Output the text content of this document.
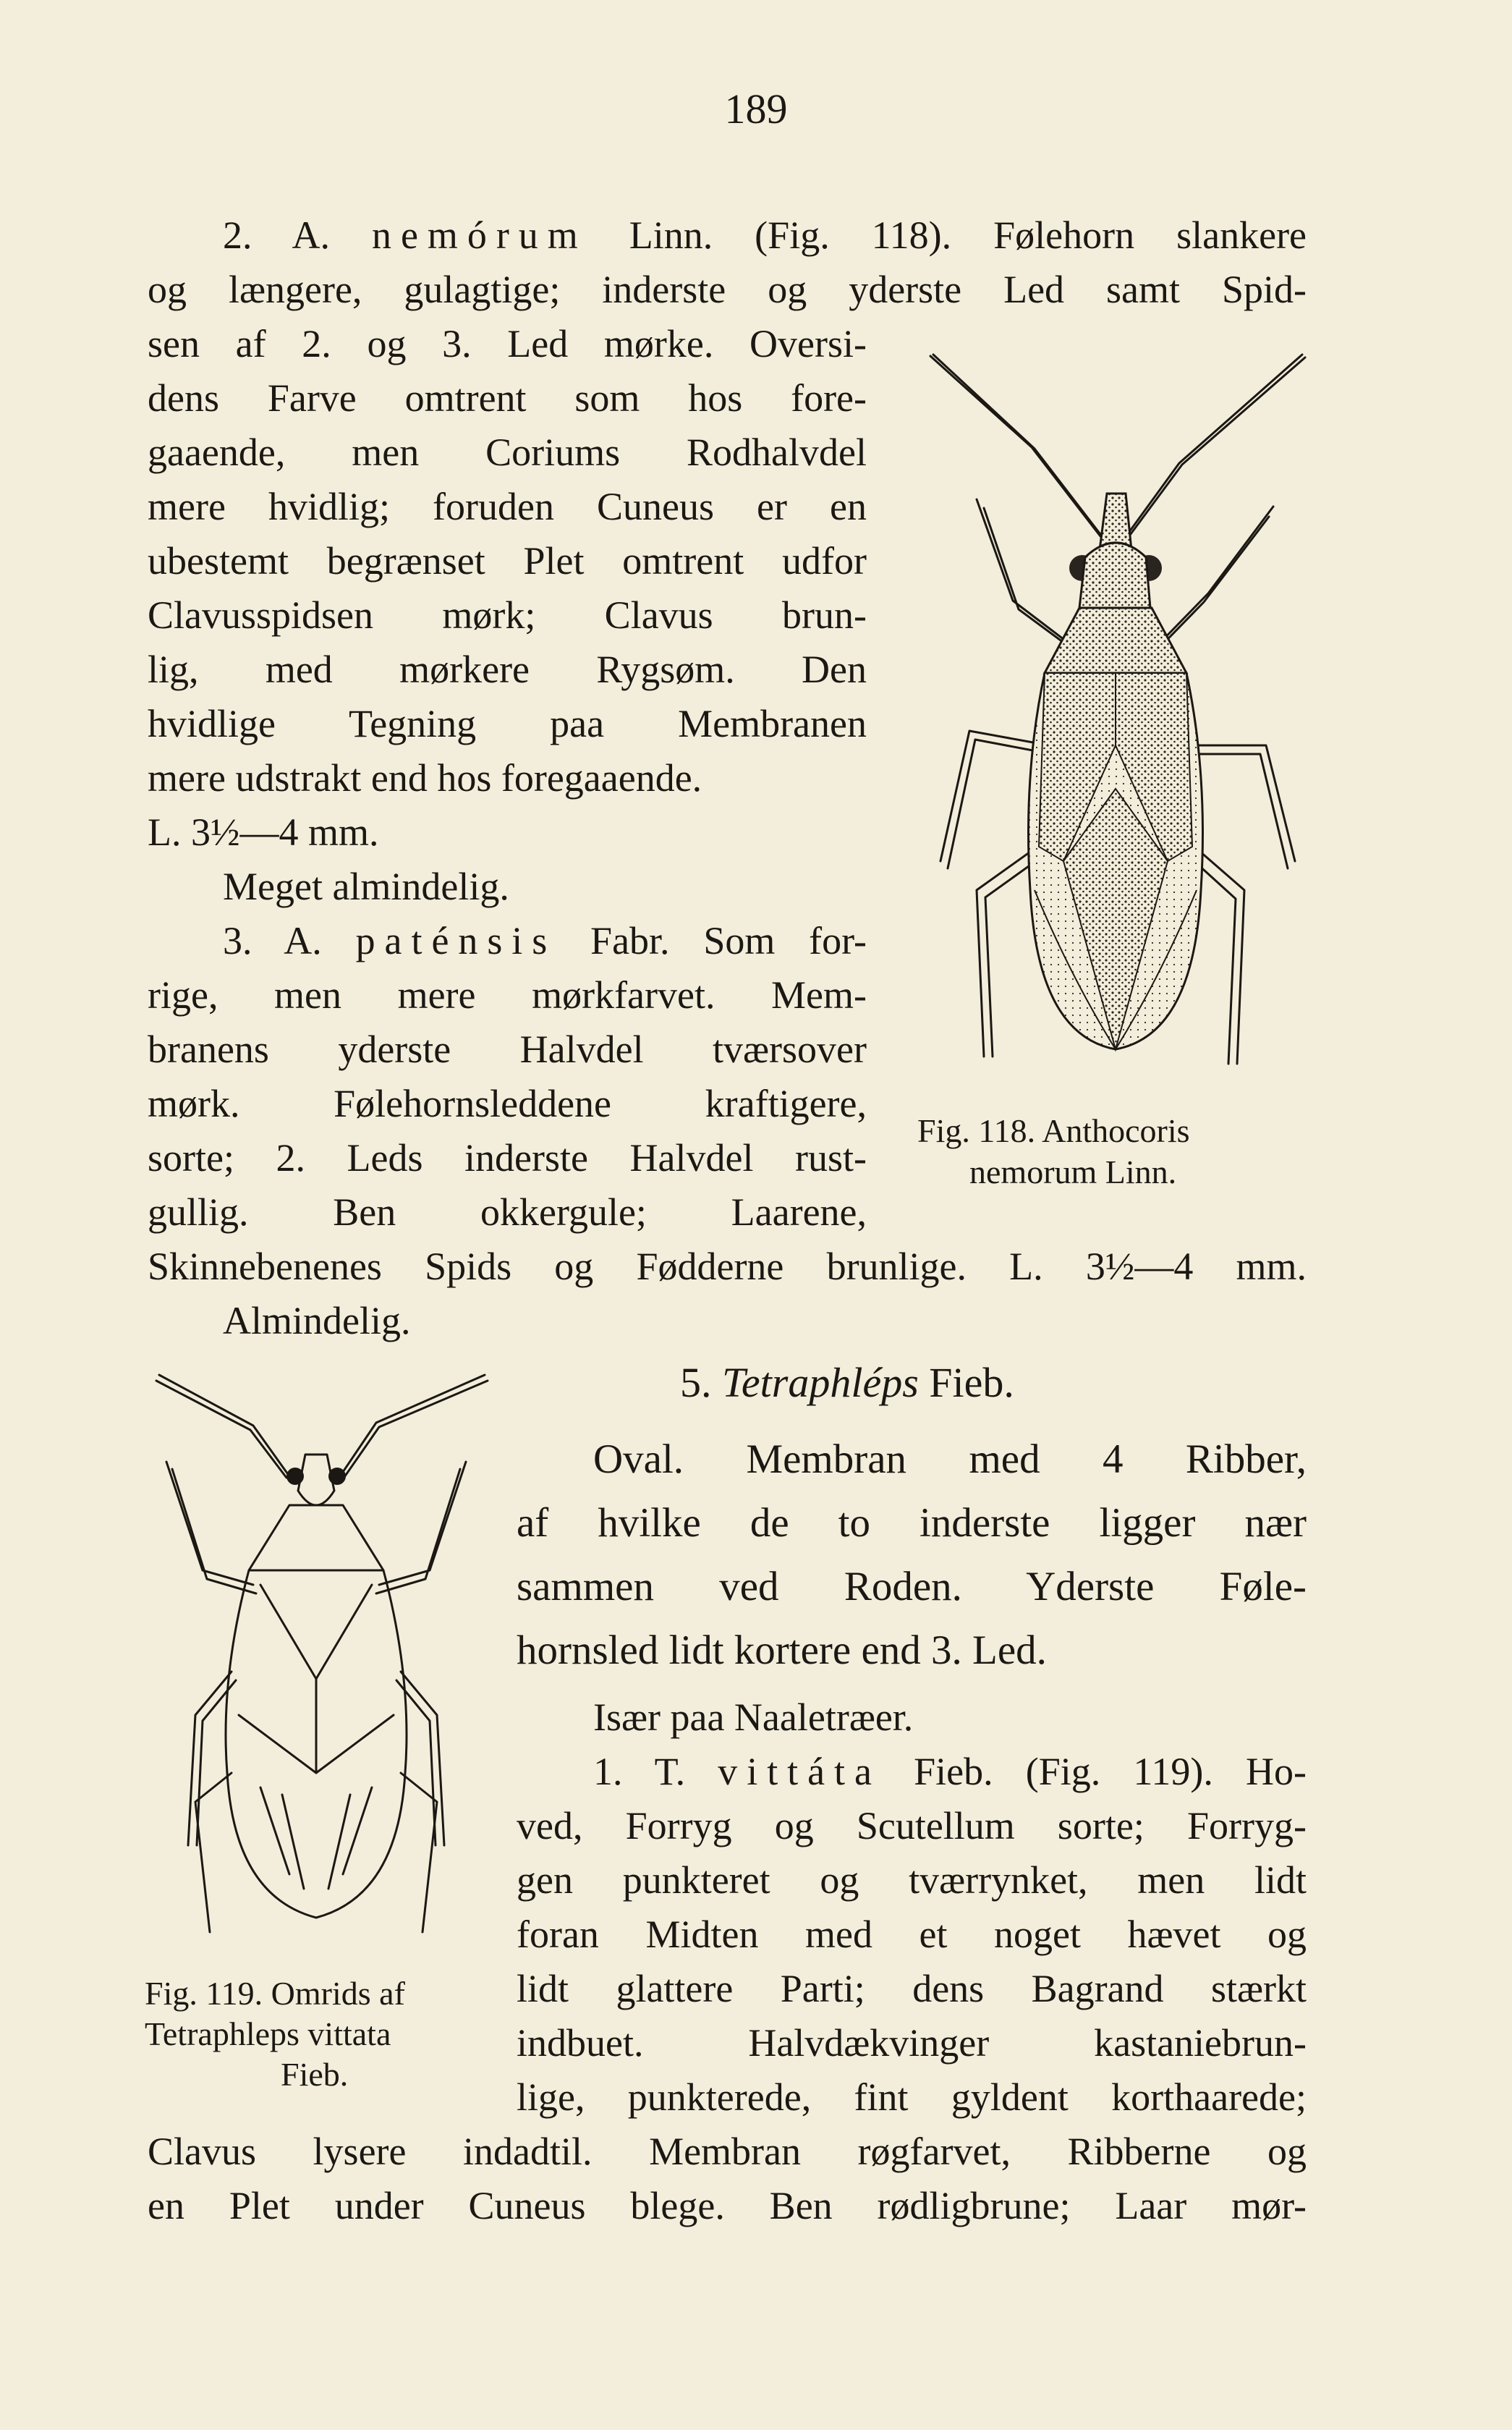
189
2. A. nemórum Linn. (Fig. 118). Følehorn slankere
og længere, gulagtige; inderste og yderste Led samt Spid-
sen af 2. og 3. Led mørke. Oversi-
dens Farve omtrent som hos fore-
gaaende, men Coriums Rodhalvdel
mere hvidlig; foruden Cuneus er en
ubestemt begrænset Plet omtrent udfor
Clavusspidsen mørk; Clavus brun-
lig, med mørkere Rygsøm. Den
hvidlige Tegning paa Membranen
mere udstrakt end hos foregaaende.
L. 3½—4 mm.
Meget almindelig.
3. A. paténsis Fabr. Som for-
rige, men mere mørkfarvet. Mem-
branens yderste Halvdel tværsover
mørk. Følehornsleddene kraftigere,
sorte; 2. Leds inderste Halvdel rust-
gullig. Ben okkergule; Laarene,
Skinnebenenes Spids og Fødderne brunlige. L. 3½—4 mm.
Almindelig.
Fig. 118. Anthocoris
nemorum Linn.
5. Tetraphléps Fieb.
Oval. Membran med 4 Ribber,
af hvilke de to inderste ligger nær
sammen ved Roden. Yderste Føle-
hornsled lidt kortere end 3. Led.
Især paa Naaletræer.
1. T. vittáta Fieb. (Fig. 119). Ho-
ved, Forryg og Scutellum sorte; Forryg-
gen punkteret og tværrynket, men lidt
foran Midten med et noget hævet og
lidt glattere Parti; dens Bagrand stærkt
indbuet. Halvdækvinger kastaniebrun-
lige, punkterede, fint gyldent korthaarede;
Clavus lysere indadtil. Membran røgfarvet, Ribberne og
en Plet under Cuneus blege. Ben rødligbrune; Laar mør-
Fig. 119. Omrids af
Tetraphleps vittata
Fieb.
